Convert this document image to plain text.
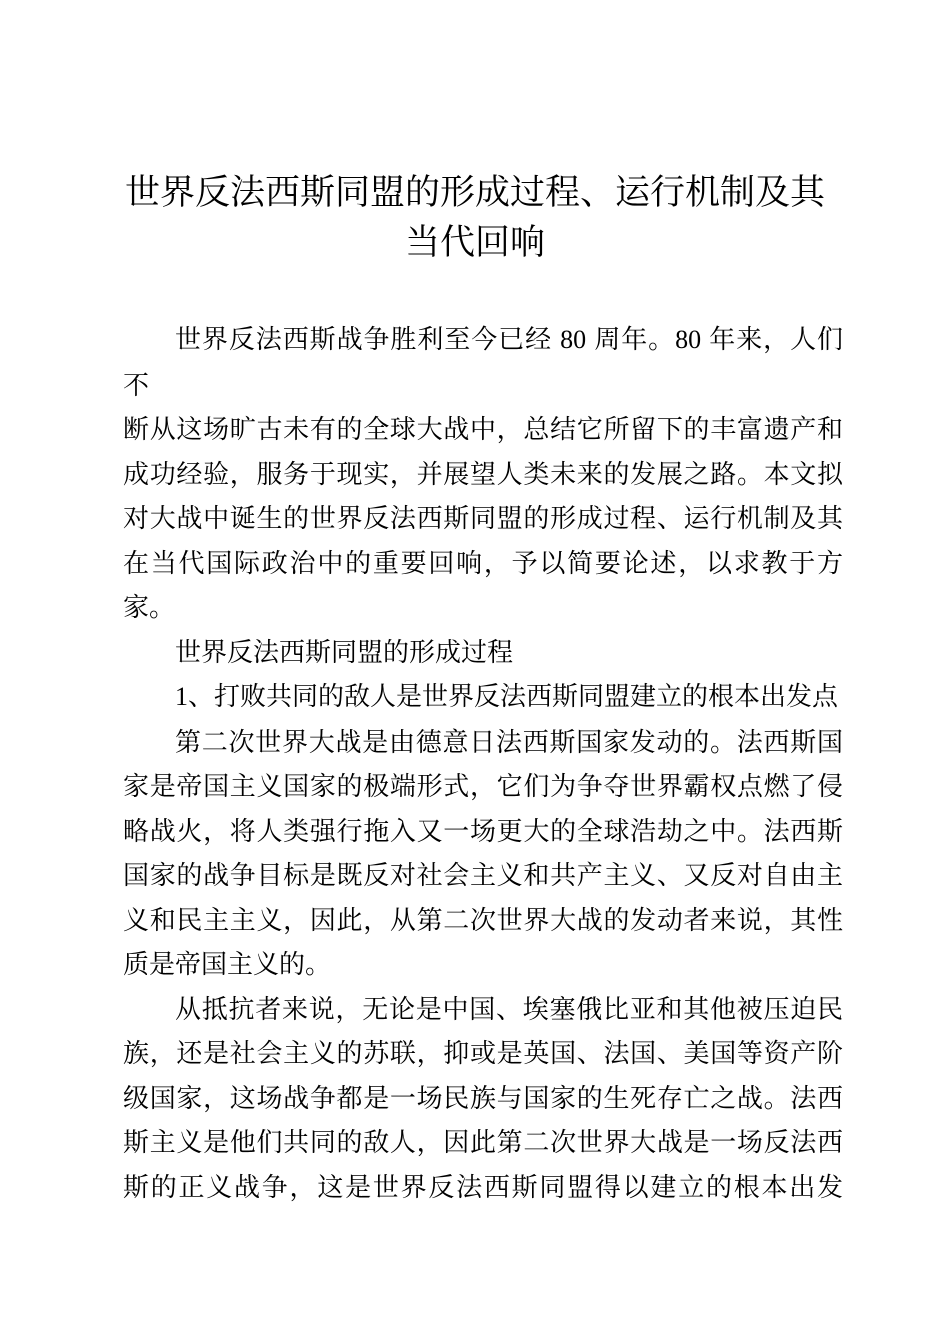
世界反法西斯同盟的形成过程、运行机制及其
当代回响
世界反法西斯战争胜利至今已经 80 周年。80 年来，人们不
断从这场旷古未有的全球大战中，总结它所留下的丰富遗产和
成功经验，服务于现实，并展望人类未来的发展之路。本文拟
对大战中诞生的世界反法西斯同盟的形成过程、运行机制及其
在当代国际政治中的重要回响，予以简要论述，以求教于方
家。
世界反法西斯同盟的形成过程
1、打败共同的敌人是世界反法西斯同盟建立的根本出发点
第二次世界大战是由德意日法西斯国家发动的。法西斯国
家是帝国主义国家的极端形式，它们为争夺世界霸权点燃了侵
略战火，将人类强行拖入又一场更大的全球浩劫之中。法西斯
国家的战争目标是既反对社会主义和共产主义、又反对自由主
义和民主主义，因此，从第二次世界大战的发动者来说，其性
质是帝国主义的。
从抵抗者来说，无论是中国、埃塞俄比亚和其他被压迫民
族，还是社会主义的苏联，抑或是英国、法国、美国等资产阶
级国家，这场战争都是一场民族与国家的生死存亡之战。法西
斯主义是他们共同的敌人，因此第二次世界大战是一场反法西
斯的正义战争，这是世界反法西斯同盟得以建立的根本出发
